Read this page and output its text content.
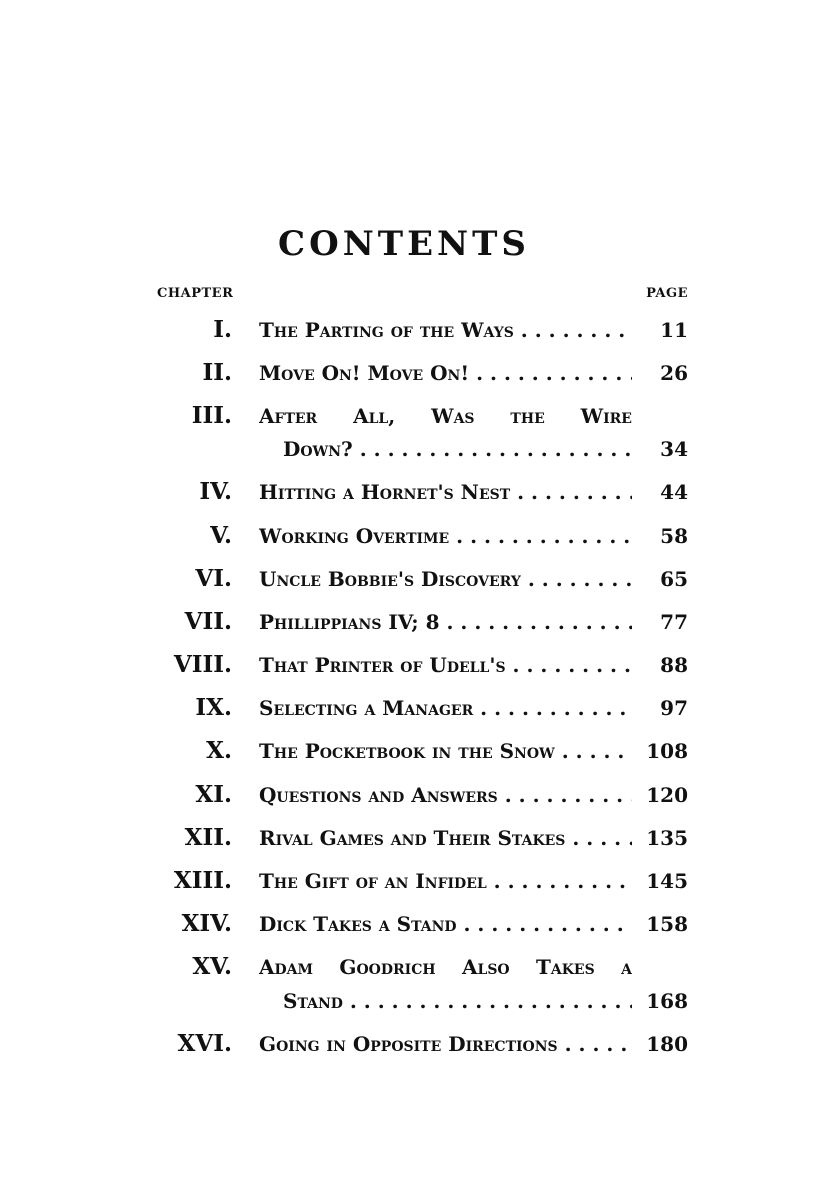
CONTENTS
CHAPTER	PAGE
I. The Parting of the Ways . . .	11
II. Move On! Move On! . . .	26
III. After All, Was the Wire
Down? . . .	34
IV. Hitting a Hornet's Nest . . .	44
V. Working Overtime . . .	58
VI. Uncle Bobbie's Discovery . . .	65
VII. Phillippians IV; 8 . . .	77
VIII. That Printer of Udell's . . .	88
IX. Selecting a Manager . . .	97
X. The Pocketbook in the Snow . . .	108
XI. Questions and Answers . . .	120
XII. Rival Games and Their Stakes . . .	135
XIII. The Gift of an Infidel . . .	145
XIV. Dick Takes a Stand . . .	158
XV. Adam Goodrich Also Takes a
Stand . . .	168
XVI. Going in Opposite Directions . . .	180
